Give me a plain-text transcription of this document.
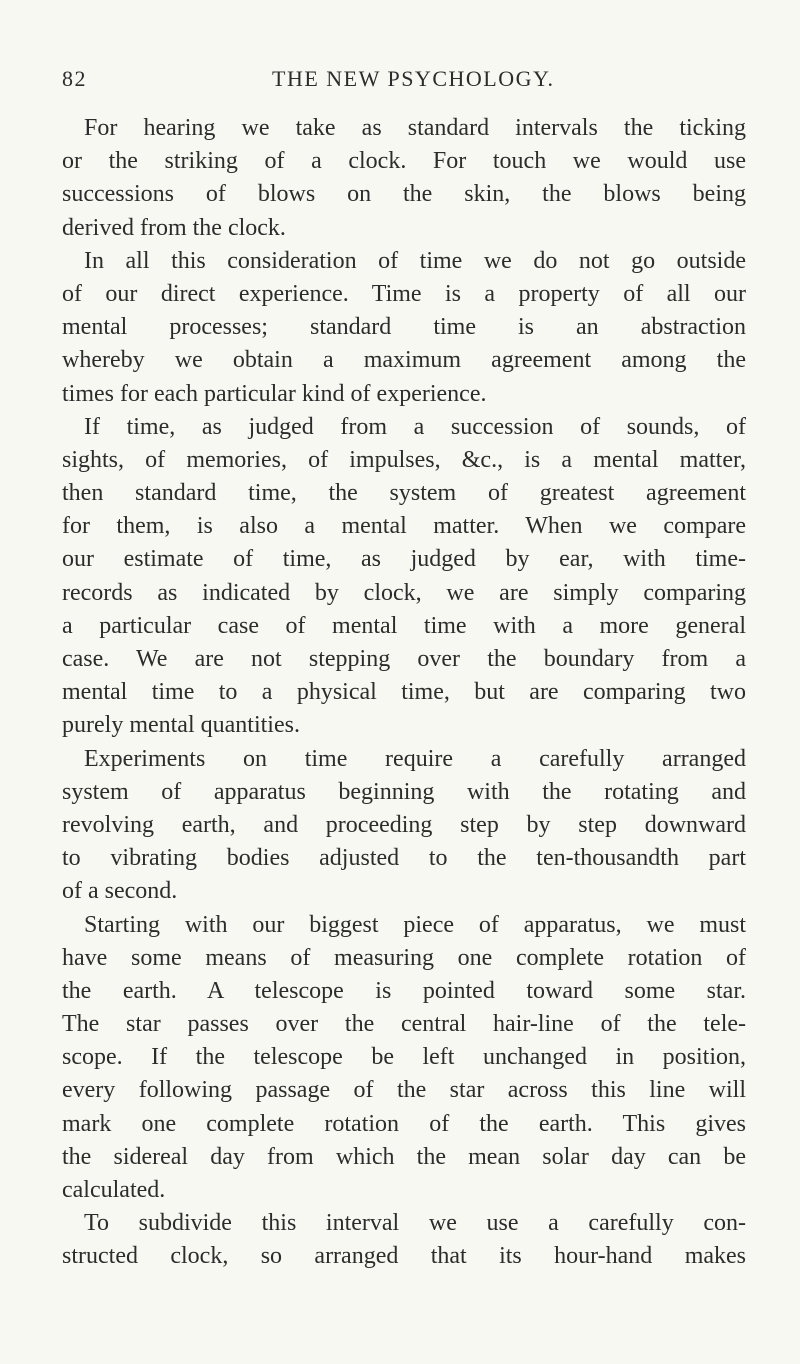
82	THE NEW PSYCHOLOGY.
For hearing we take as standard intervals the ticking
or the striking of a clock. For touch we would use
successions of blows on the skin, the blows being
derived from the clock.
In all this consideration of time we do not go outside
of our direct experience. Time is a property of all our
mental processes; standard time is an abstraction
whereby we obtain a maximum agreement among the
times for each particular kind of experience.
If time, as judged from a succession of sounds, of
sights, of memories, of impulses, &c., is a mental matter,
then standard time, the system of greatest agreement
for them, is also a mental matter. When we compare
our estimate of time, as judged by ear, with time-
records as indicated by clock, we are simply comparing
a particular case of mental time with a more general
case. We are not stepping over the boundary from a
mental time to a physical time, but are comparing two
purely mental quantities.
Experiments on time require a carefully arranged
system of apparatus beginning with the rotating and
revolving earth, and proceeding step by step downward
to vibrating bodies adjusted to the ten-thousandth part
of a second.
Starting with our biggest piece of apparatus, we must
have some means of measuring one complete rotation of
the earth. A telescope is pointed toward some star.
The star passes over the central hair-line of the tele-
scope. If the telescope be left unchanged in position,
every following passage of the star across this line will
mark one complete rotation of the earth. This gives
the sidereal day from which the mean solar day can be
calculated.
To subdivide this interval we use a carefully con-
structed clock, so arranged that its hour-hand makes
